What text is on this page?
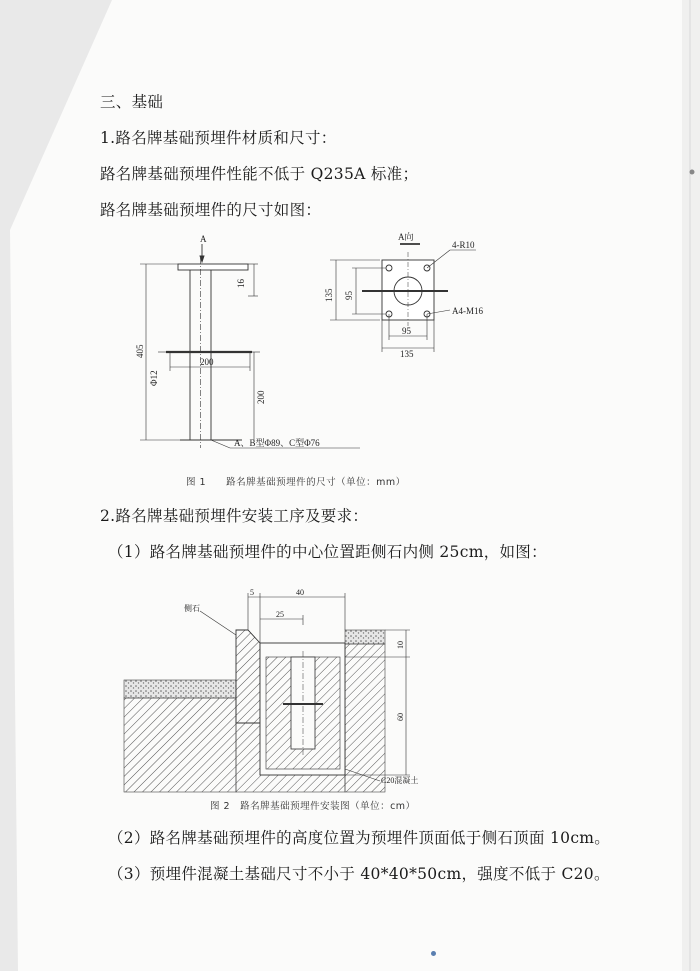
三、基础
1.路名牌基础预埋件材质和尺寸：
路名牌基础预埋件性能不低于 Q235A 标准；
路名牌基础预埋件的尺寸如图：
A
16
405
Φ12
200
200
A、B型Φ89、C型Φ76
A向
4-R10
A4-M16
135 95
95
135
图 1　　路名牌基础预埋件的尺寸（单位：mm）
2.路名牌基础预埋件安装工序及要求：
（1）路名牌基础预埋件的中心位置距侧石内侧 25cm，如图：
侧石
5	40
25
10
60
C20混凝土
图 2　路名牌基础预埋件安装图（单位：cm）
（2）路名牌基础预埋件的高度位置为预埋件顶面低于侧石顶面 10cm。
（3）预埋件混凝土基础尺寸不小于 40*40*50cm，强度不低于 C20。
